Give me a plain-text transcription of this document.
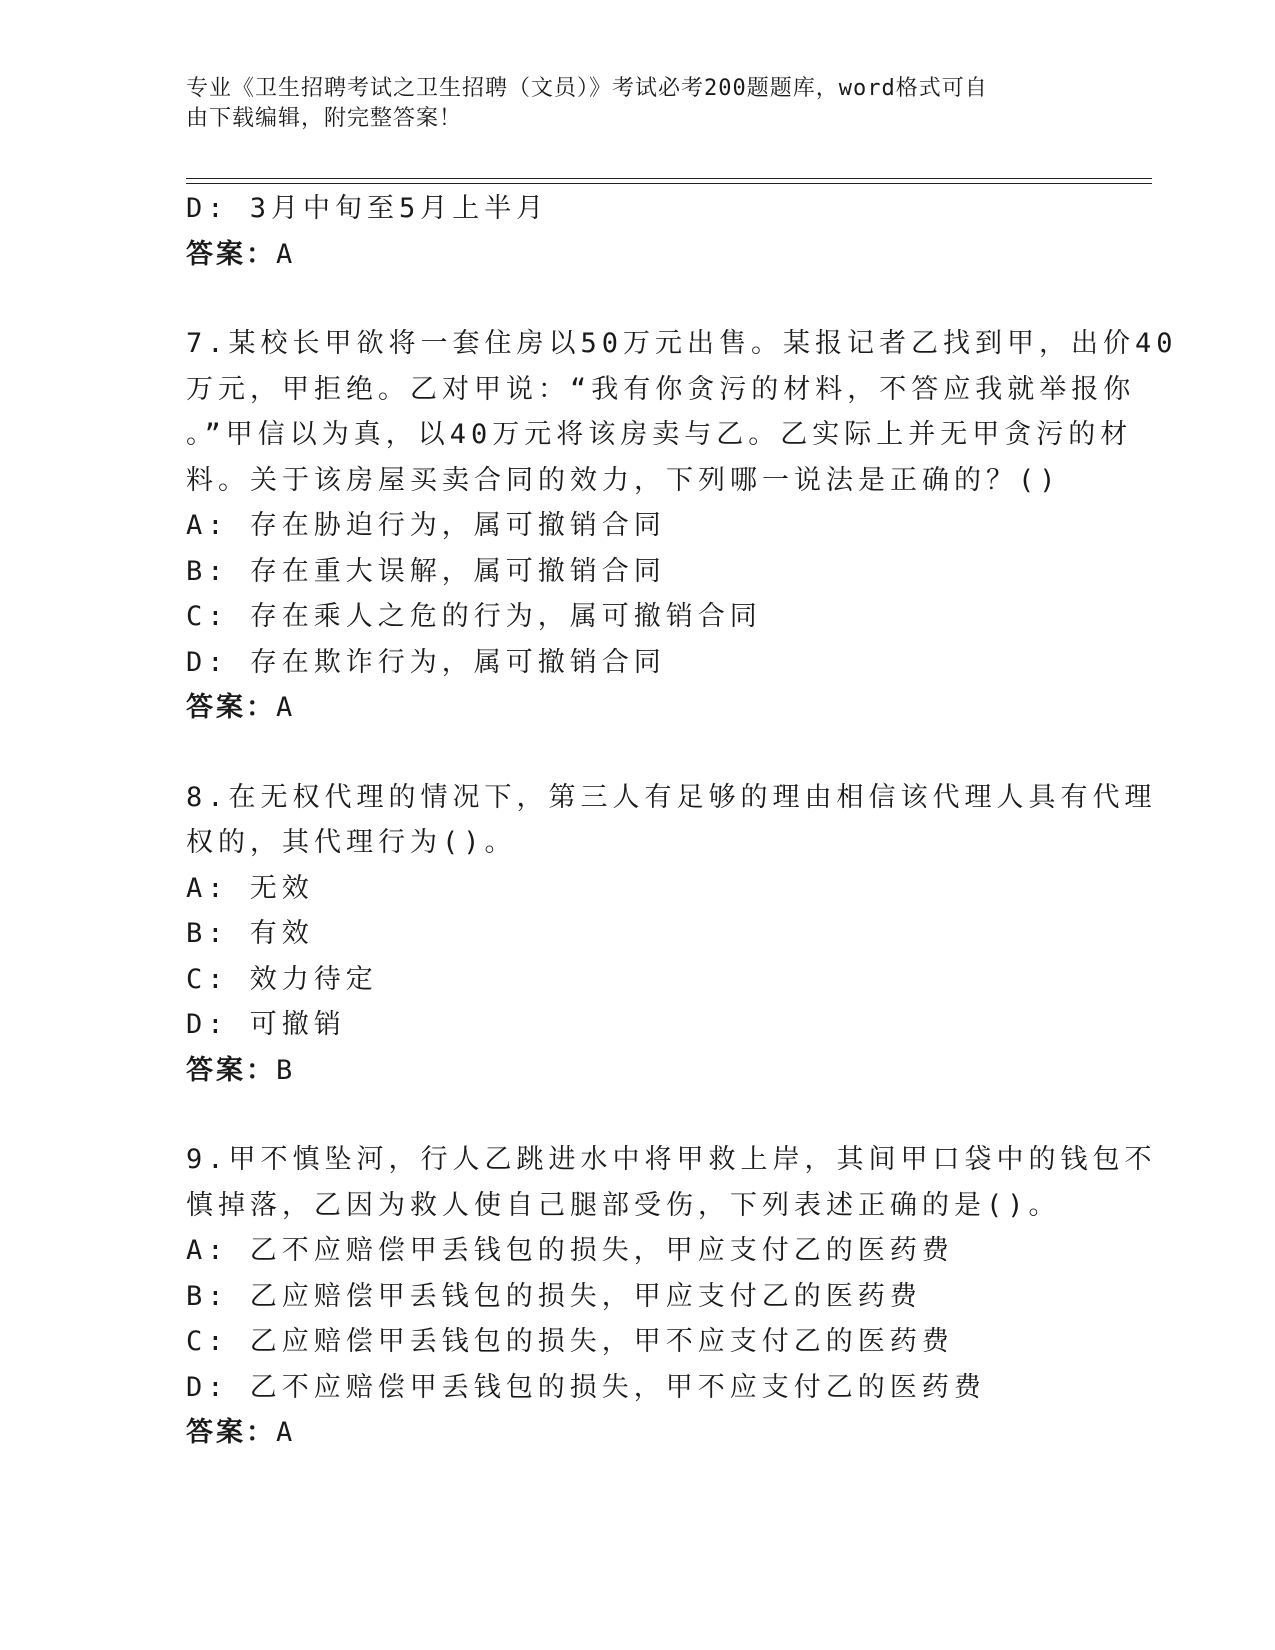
专业《卫生招聘考试之卫生招聘（文员）》考试必考200题题库，word格式可自
由下载编辑，附完整答案！
D: 3月中旬至5月上半月
答案：A
7.某校长甲欲将一套住房以50万元出售。某报记者乙找到甲，出价40
万元，甲拒绝。乙对甲说：“我有你贪污的材料，不答应我就举报你
。”甲信以为真，以40万元将该房卖与乙。乙实际上并无甲贪污的材
料。关于该房屋买卖合同的效力，下列哪一说法是正确的？()
A: 存在胁迫行为，属可撤销合同
B: 存在重大误解，属可撤销合同
C: 存在乘人之危的行为，属可撤销合同
D: 存在欺诈行为，属可撤销合同
答案：A
8.在无权代理的情况下，第三人有足够的理由相信该代理人具有代理
权的，其代理行为()。
A: 无效
B: 有效
C: 效力待定
D: 可撤销
答案：B
9.甲不慎坠河，行人乙跳进水中将甲救上岸，其间甲口袋中的钱包不
慎掉落，乙因为救人使自己腿部受伤，下列表述正确的是()。
A: 乙不应赔偿甲丢钱包的损失，甲应支付乙的医药费
B: 乙应赔偿甲丢钱包的损失，甲应支付乙的医药费
C: 乙应赔偿甲丢钱包的损失，甲不应支付乙的医药费
D: 乙不应赔偿甲丢钱包的损失，甲不应支付乙的医药费
答案：A
